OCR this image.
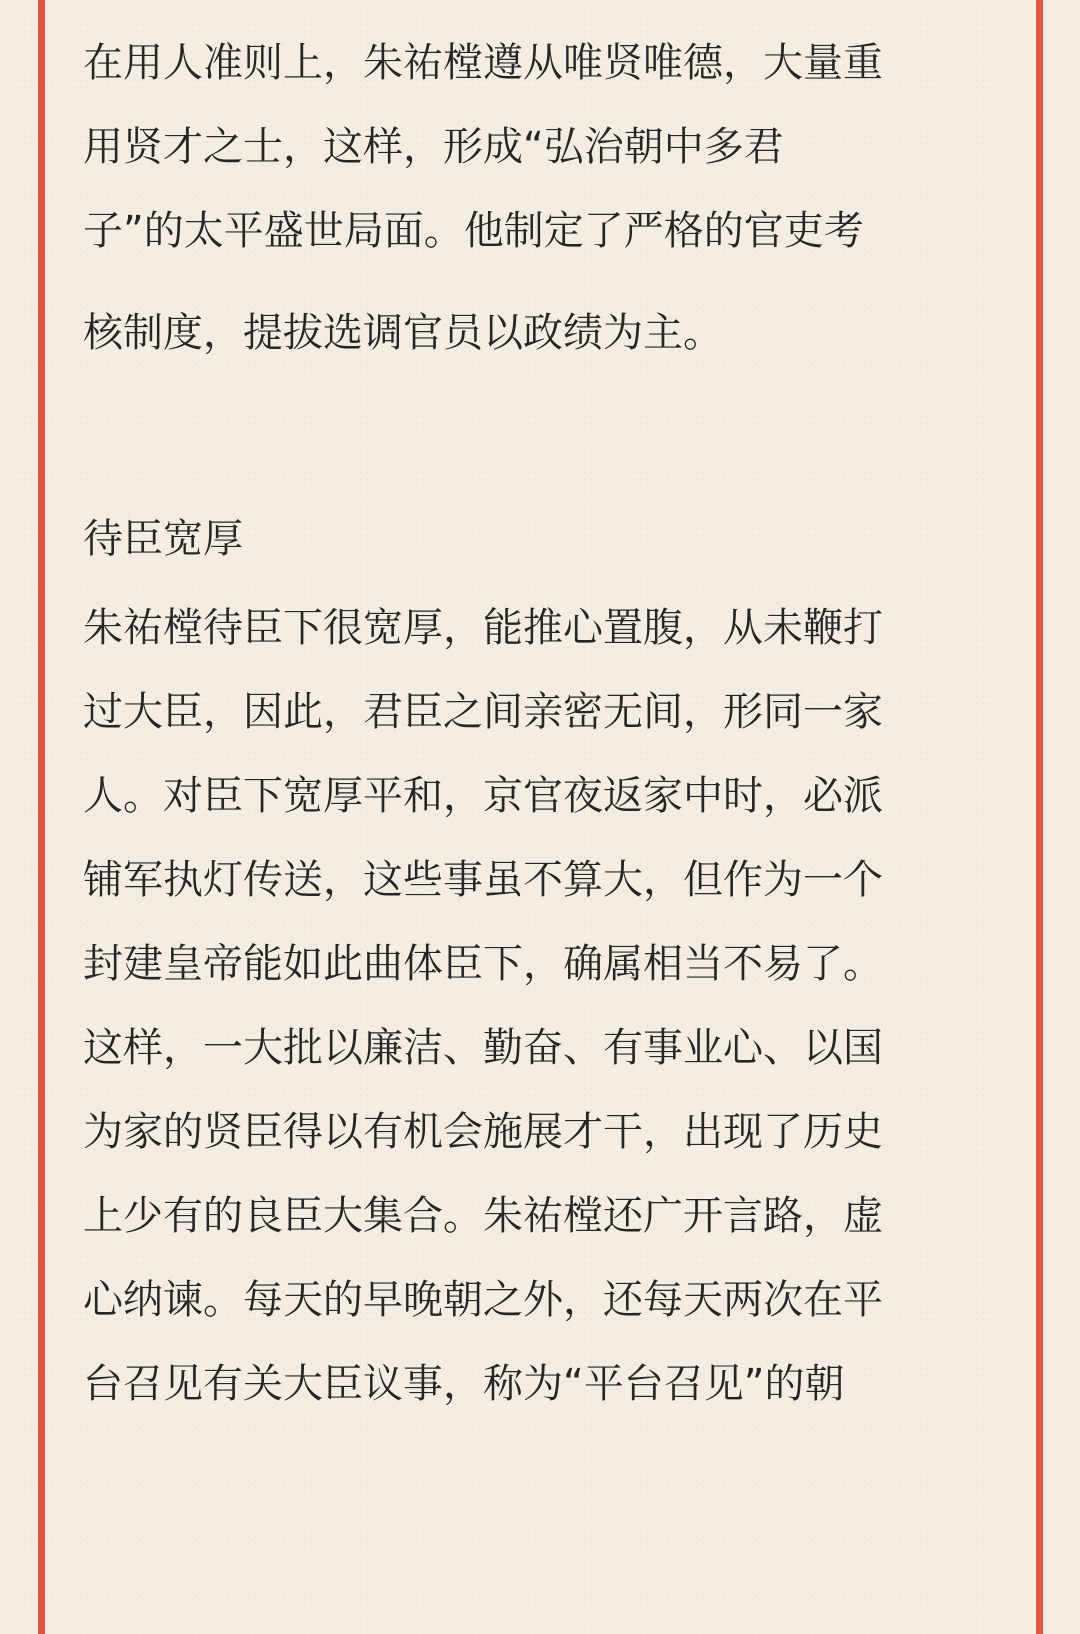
在用人准则上，朱祐樘遵从唯贤唯德，大量重
用贤才之士，这样，形成“弘治朝中多君
子”的太平盛世局面。他制定了严格的官吏考
核制度，提拔选调官员以政绩为主。
待臣宽厚
朱祐樘待臣下很宽厚，能推心置腹，从未鞭打
过大臣，因此，君臣之间亲密无间，形同一家
人。对臣下宽厚平和，京官夜返家中时，必派
铺军执灯传送，这些事虽不算大，但作为一个
封建皇帝能如此曲体臣下，确属相当不易了。
这样，一大批以廉洁、勤奋、有事业心、以国
为家的贤臣得以有机会施展才干，出现了历史
上少有的良臣大集合。朱祐樘还广开言路，虚
心纳谏。每天的早晚朝之外，还每天两次在平
台召见有关大臣议事，称为“平台召见”的朝
